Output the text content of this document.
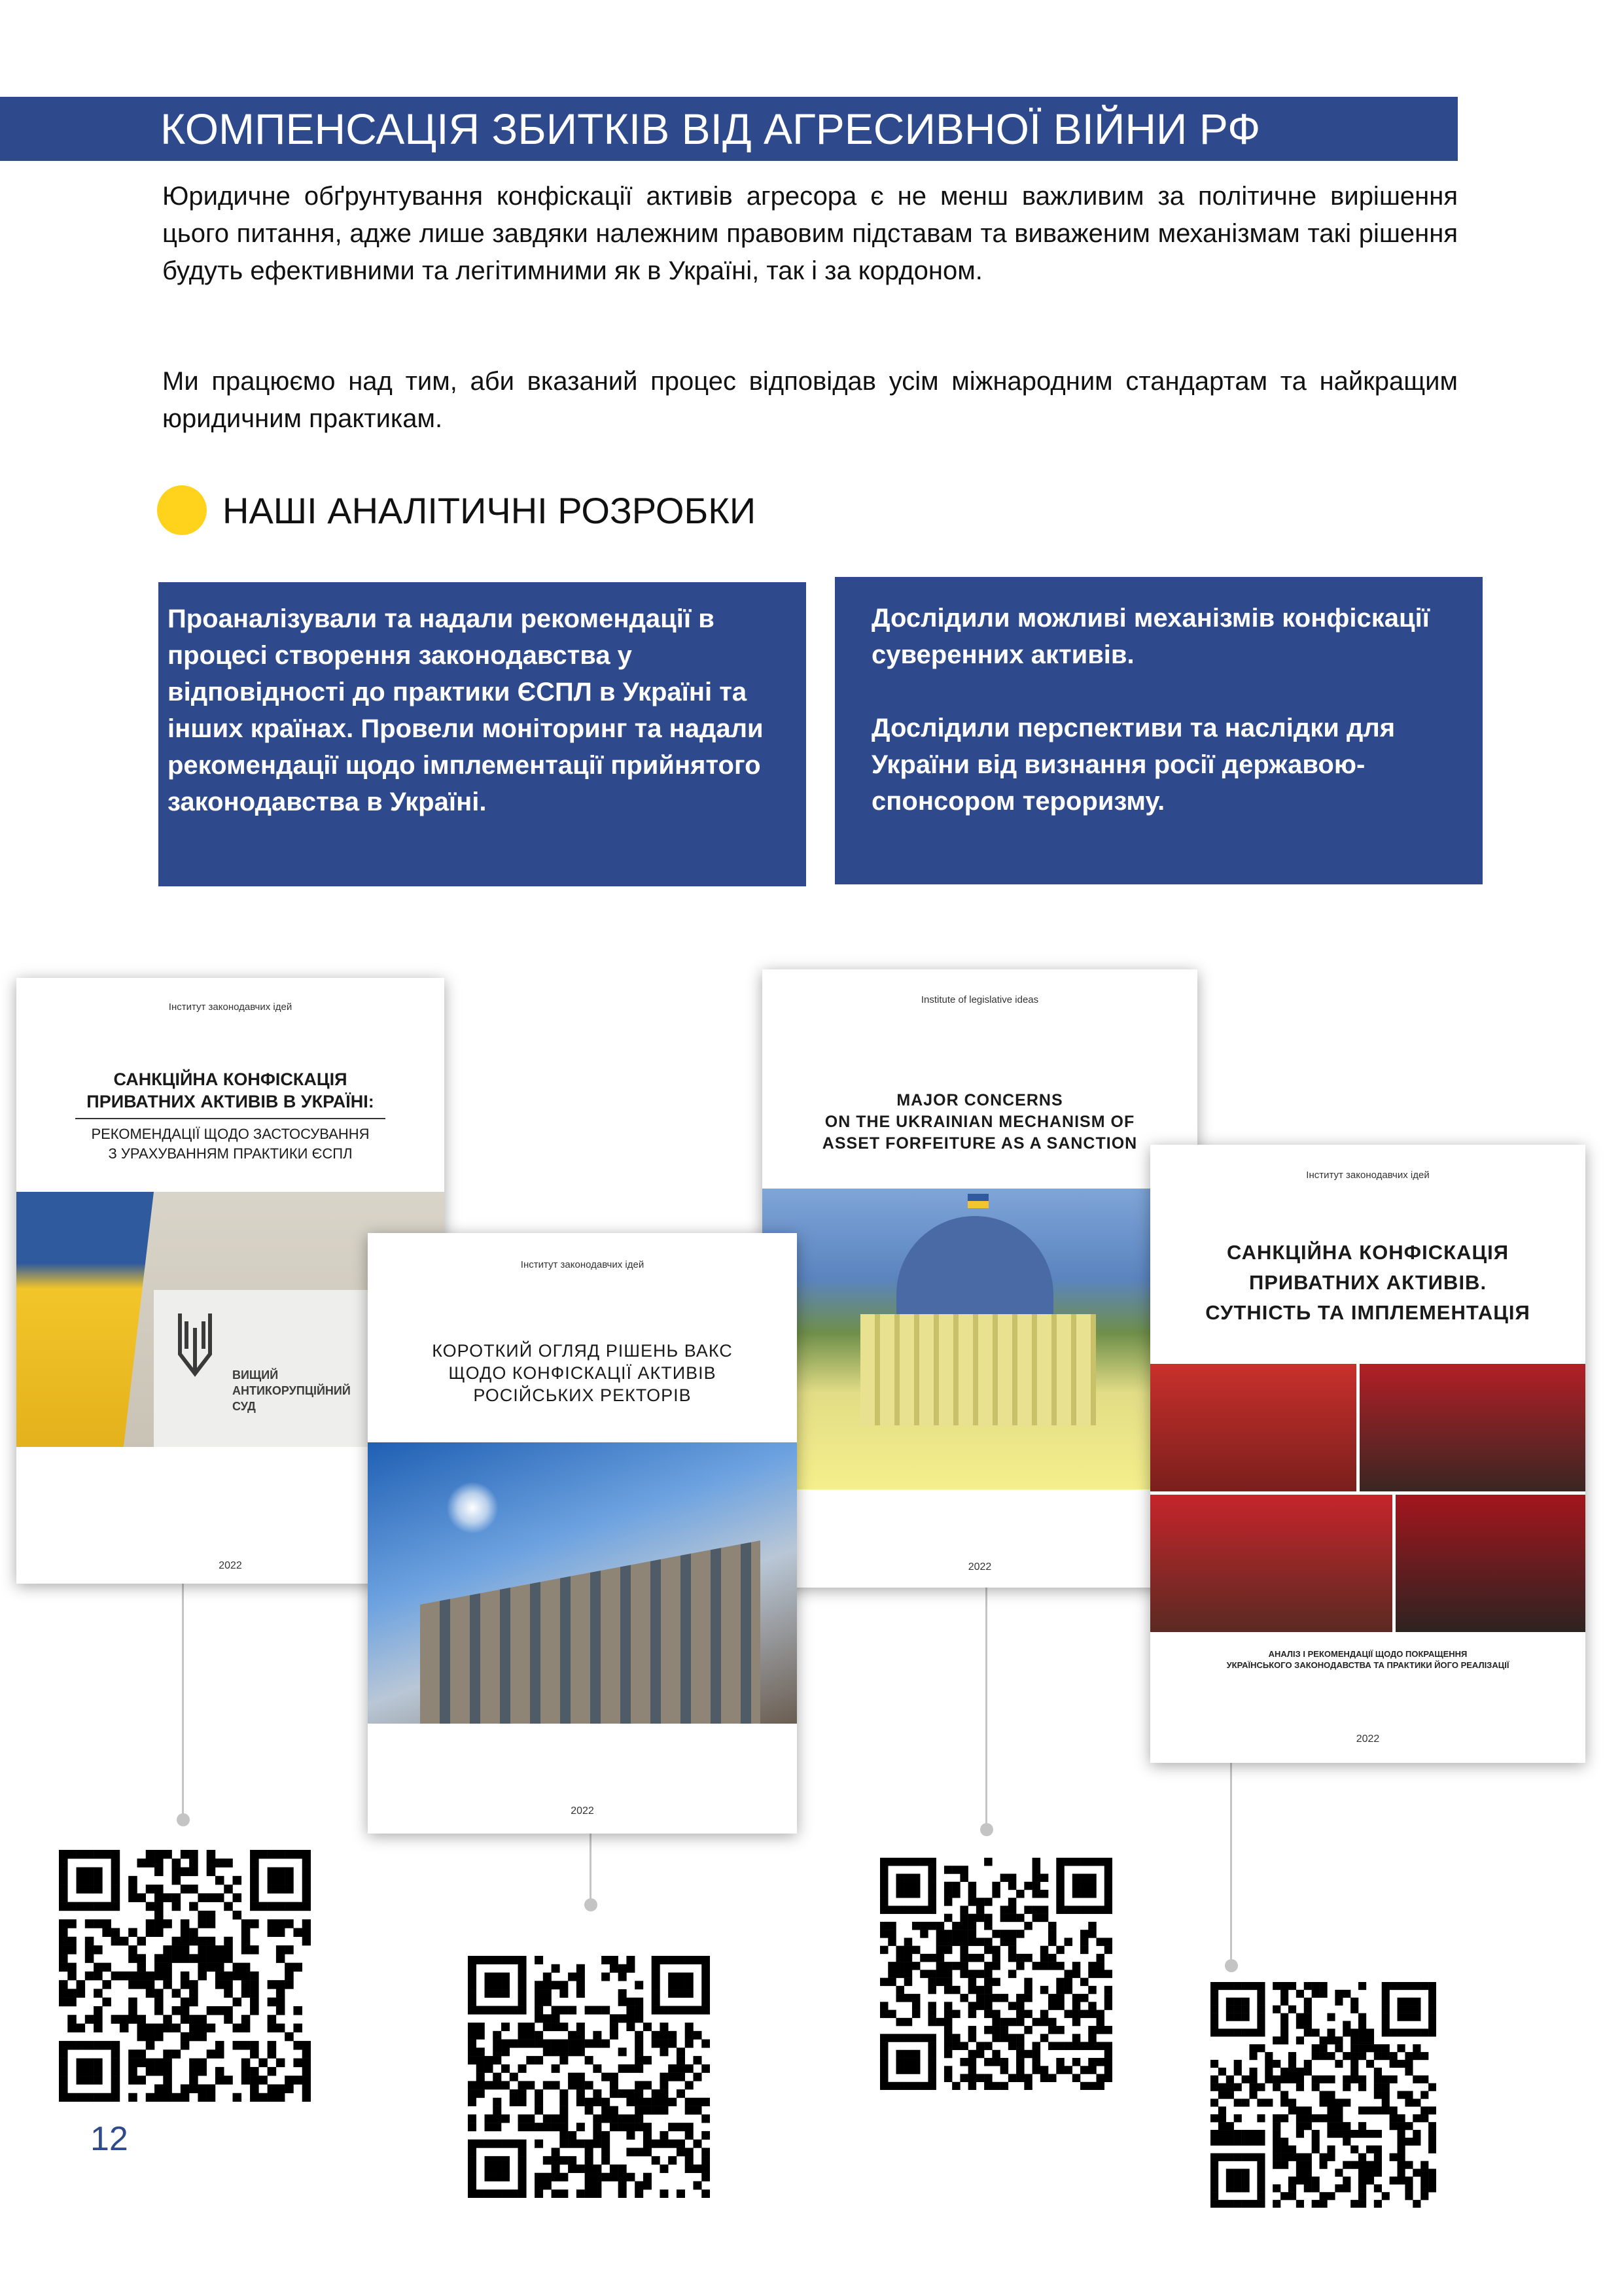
КОМПЕНСАЦІЯ ЗБИТКІВ ВІД АГРЕСИВНОЇ ВІЙНИ РФ
Юридичне обґрунтування конфіскації активів агресора є не менш важливим за політичне вирішення цього питання, адже лише завдяки належним правовим підставам та виваженим механізмам такі рішення будуть ефективними та легітимними як в Україні, так і за кордоном.
Ми працюємо над тим, аби вказаний процес відповідав усім міжнародним стандартам та найкращим юридичним практикам.
НАШІ АНАЛІТИЧНІ РОЗРОБКИ

Проаналізували та надали рекомендації в процесі створення законодавства у відповідності до практики ЄСПЛ в Україні та інших країнах. Провели моніторинг та надали рекомендації щодо імплементації прийнятого законодавства в Україні.

Дослідили можливі механізмів конфіскації суверенних активів.

Дослідили перспективи та наслідки для України від визнання росії державою-спонсором тероризму.

Інститут законодавчих ідей
САНКЦІЙНА КОНФІСКАЦІЯ
ПРИВАТНИХ АКТИВІВ В УКРАЇНІ:
РЕКОМЕНДАЦІЇ ЩОДО ЗАСТОСУВАННЯ
З УРАХУВАННЯМ ПРАКТИКИ ЄСПЛ
ВИЩИЙ
АНТИКОРУПЦІЙНИЙ
СУД
2022
Institute of legislative ideas
MAJOR CONCERNS
ON THE UKRAINIAN MECHANISM OF
ASSET FORFEITURE AS A SANCTION
2022
Інститут законодавчих ідей
КОРОТКИЙ ОГЛЯД РІШЕНЬ ВАКС
ЩОДО КОНФІСКАЦІЇ АКТИВІВ
РОСІЙСЬКИХ РЕКТОРІВ
2022
Інститут законодавчих ідей
САНКЦІЙНА КОНФІСКАЦІЯ
ПРИВАТНИХ АКТИВІВ.
СУТНІСТЬ ТА ІМПЛЕМЕНТАЦІЯ
АНАЛІЗ І РЕКОМЕНДАЦІЇ ЩОДО ПОКРАЩЕННЯ
УКРАЇНСЬКОГО ЗАКОНОДАВСТВА ТА ПРАКТИКИ ЙОГО РЕАЛІЗАЦІЇ
2022
12
